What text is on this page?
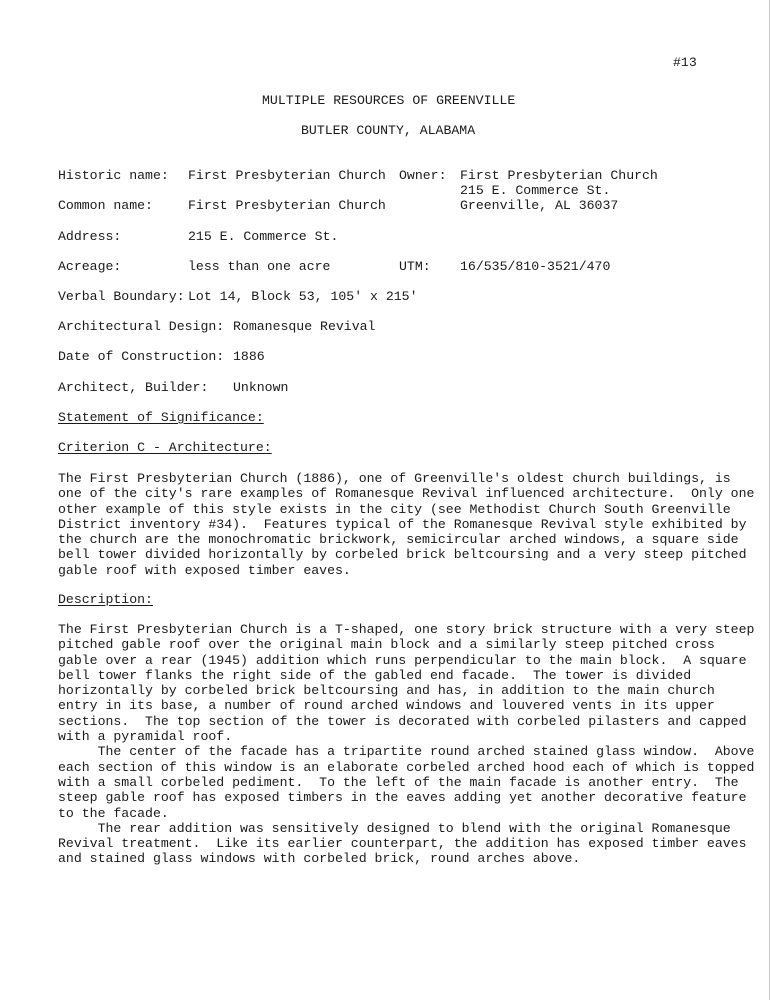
#13
MULTIPLE RESOURCES OF GREENVILLE
BUTLER COUNTY, ALABAMA
Historic name: First Presbyterian Church Owner: First Presbyterian Church
215 E. Commerce St.
Greenville, AL 36037
Common name:	First Presbyterian Church
Address:	215 E. Commerce St.
Acreage:	less than one acre	UTM: 16/535/810-3521/470
Verbal Boundary: Lot 14, Block 53, 105' x 215'
Architectural Design: Romanesque Revival
Date of Construction: 1886
Architect, Builder: Unknown
Statement of Significance:
Criterion C - Architecture:
The First Presbyterian Church (1886), one of Greenville's oldest church buildings, is
one of the city's rare examples of Romanesque Revival influenced architecture.  Only one
other example of this style exists in the city (see Methodist Church South Greenville
District inventory #34).  Features typical of the Romanesque Revival style exhibited by
the church are the monochromatic brickwork, semicircular arched windows, a square side
bell tower divided horizontally by corbeled brick beltcoursing and a very steep pitched
gable roof with exposed timber eaves.
Description:
The First Presbyterian Church is a T-shaped, one story brick structure with a very steep
pitched gable roof over the original main block and a similarly steep pitched cross
gable over a rear (1945) addition which runs perpendicular to the main block.  A square
bell tower flanks the right side of the gabled end facade.  The tower is divided
horizontally by corbeled brick beltcoursing and has, in addition to the main church
entry in its base, a number of round arched windows and louvered vents in its upper
sections.  The top section of the tower is decorated with corbeled pilasters and capped
with a pyramidal roof.
The center of the facade has a tripartite round arched stained glass window.  Above
each section of this window is an elaborate corbeled arched hood each of which is topped
with a small corbeled pediment.  To the left of the main facade is another entry.  The
steep gable roof has exposed timbers in the eaves adding yet another decorative feature
to the facade.
The rear addition was sensitively designed to blend with the original Romanesque
Revival treatment.  Like its earlier counterpart, the addition has exposed timber eaves
and stained glass windows with corbeled brick, round arches above.
